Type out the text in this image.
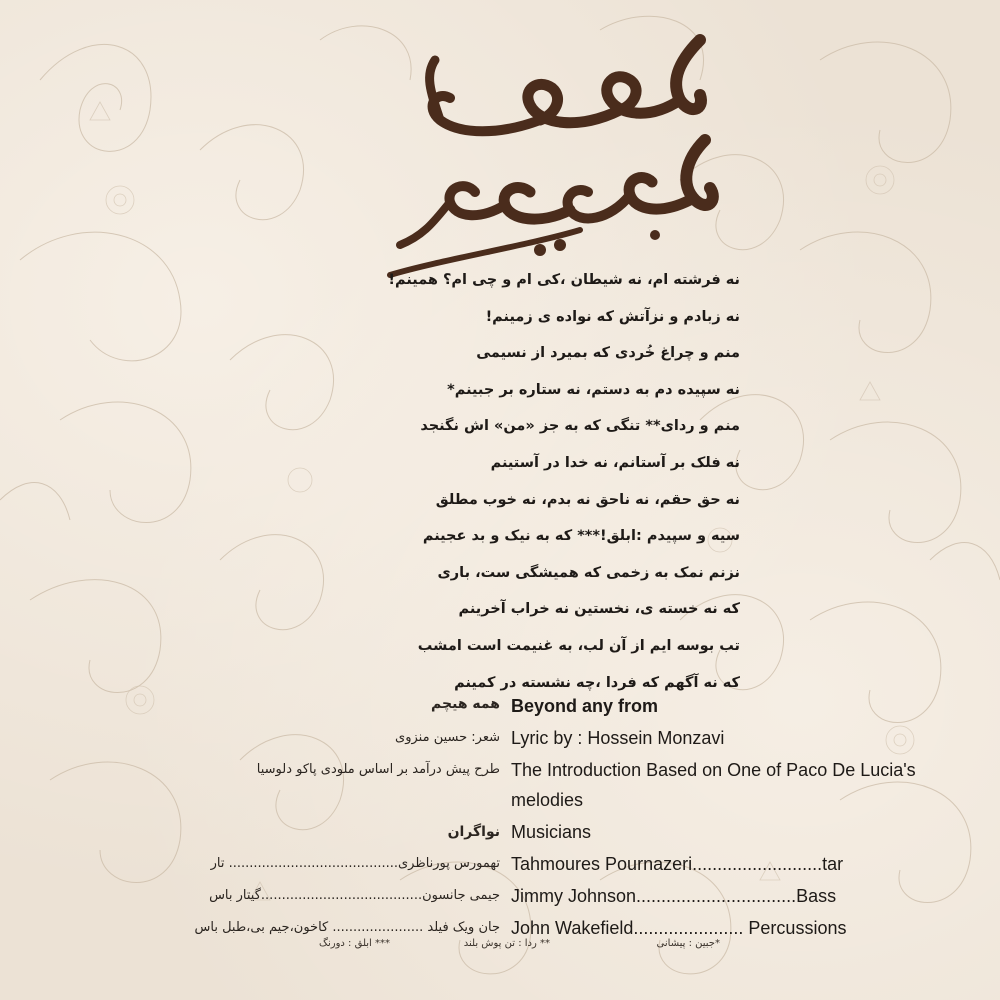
نه فرشته ام، نه شیطان ،کی ام و چی ام؟ همینم!
نه زبادم و نزآتش که نواده ی زمینم!
منم و چراغ خُردی که بمیرد از نسیمی
نه سپیده دم به دستم، نه ستاره بر جبینم*
منم و ردای** تنگی که به جز «من» اش نگنجد
نه فلک بر آستانم، نه خدا در آستینم
نه حق حقم، نه ناحق نه بدم، نه خوب مطلق
سیه و سپیدم :ابلق!*** که به نیک و بد عجینم
نزنم نمک به زخمی که همیشگی ست، باری
که نه خسته ی، نخستین نه خراب آخرینم
تب بوسه ایم از آن لب، به غنیمت است امشب
که نه آگهم که فردا ،چه نشسته در کمینم
همه هیچم Beyond any from
شعر: حسین منزوی Lyric by : Hossein Monzavi
طرح پیش درآمد بر اساس ملودی پاکو دلوسیا The Introduction Based on One of Paco De Lucia's
melodies
نواگران Musicians
تهمورس پورناظری......................................... تار Tahmoures Pournazeri..........................tar
جیمی جانسون.......................................گیتار باس Jimmy Johnson................................Bass
جان ویک فیلد ...................... کاخون،جیم بی،طبل باس John Wakefield...................... Percussions
*جبین : پیشانی
** ردا : تن پوش بلند
*** ابلق : دورنگ
